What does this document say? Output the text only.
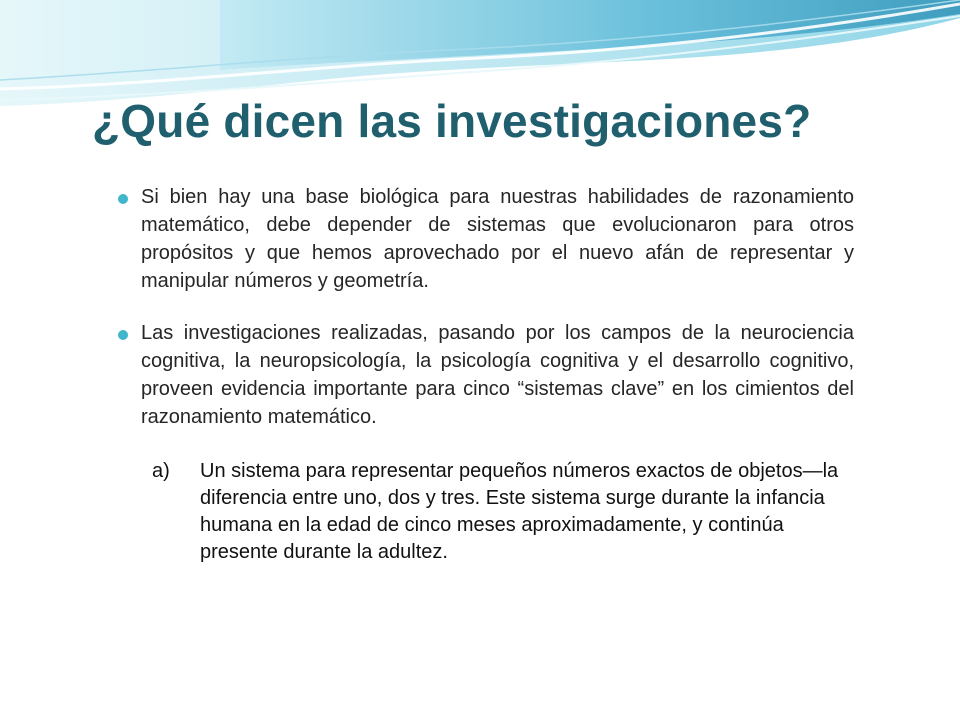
¿Qué dicen las investigaciones?
Si bien hay una base biológica para nuestras habilidades de razonamiento matemático, debe depender de sistemas que evolucionaron para otros propósitos y que hemos aprovechado por el nuevo afán de representar y manipular números y geometría.
Las investigaciones realizadas, pasando por los campos de la neurociencia cognitiva, la neuropsicología, la psicología cognitiva y el desarrollo cognitivo, proveen evidencia importante para cinco “sistemas clave” en los cimientos del razonamiento matemático.
a)	Un sistema para representar pequeños números exactos de objetos—la diferencia entre uno, dos y tres. Este sistema surge durante la infancia humana en la edad de cinco meses aproximadamente, y continúa presente durante la adultez.
